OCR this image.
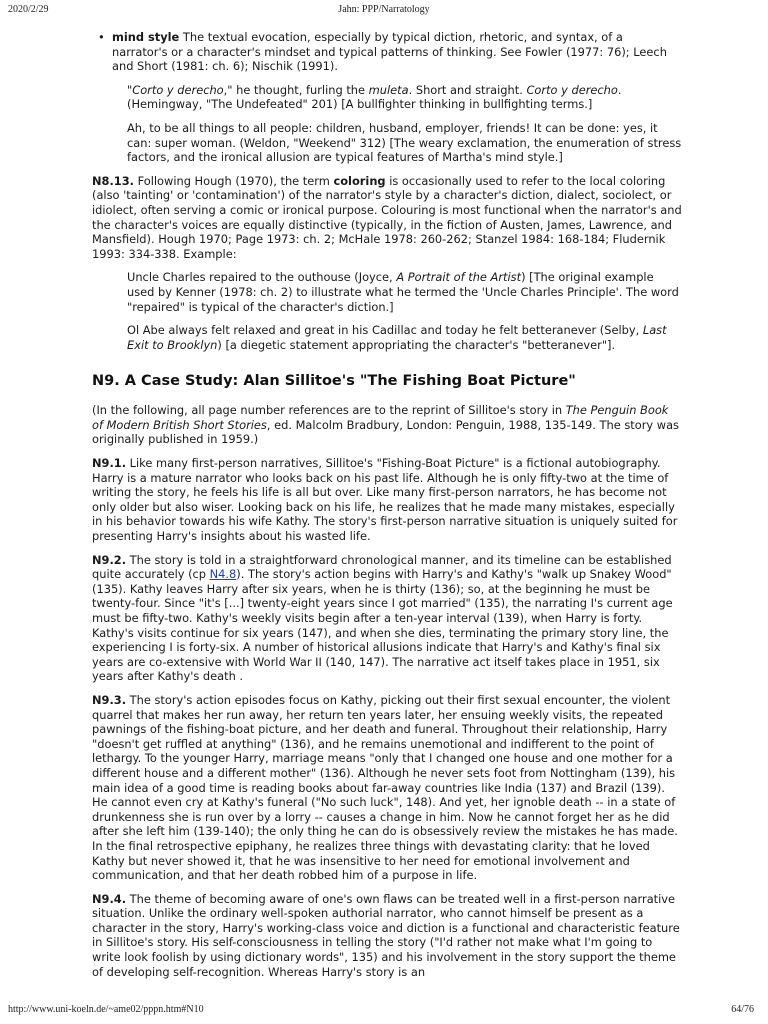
2020/2/29	Jahn: PPP/Narratology
• mind style The textual evocation, especially by typical diction, rhetoric, and syntax, of a narrator's or a character's mindset and typical patterns of thinking. See Fowler (1977: 76); Leech and Short (1981: ch. 6); Nischik (1991).

"Corto y derecho," he thought, furling the muleta. Short and straight. Corto y derecho. (Hemingway, "The Undefeated" 201) [A bullfighter thinking in bullfighting terms.]

Ah, to be all things to all people: children, husband, employer, friends! It can be done: yes, it can: super woman. (Weldon, "Weekend" 312) [The weary exclamation, the enumeration of stress factors, and the ironical allusion are typical features of Martha's mind style.]

N8.13. Following Hough (1970), the term coloring is occasionally used to refer to the local coloring (also 'tainting' or 'contamination') of the narrator's style by a character's diction, dialect, sociolect, or idiolect, often serving a comic or ironical purpose. Colouring is most functional when the narrator's and the character's voices are equally distinctive (typically, in the fiction of Austen, James, Lawrence, and Mansfield). Hough 1970; Page 1973: ch. 2; McHale 1978: 260-262; Stanzel 1984: 168-184; Fludernik 1993: 334-338. Example:

Uncle Charles repaired to the outhouse (Joyce, A Portrait of the Artist) [The original example used by Kenner (1978: ch. 2) to illustrate what he termed the 'Uncle Charles Principle'. The word "repaired" is typical of the character's diction.]

Ol Abe always felt relaxed and great in his Cadillac and today he felt betteranever (Selby, Last Exit to Brooklyn) [a diegetic statement appropriating the character's "betteranever"].

N9. A Case Study: Alan Sillitoe's "The Fishing Boat Picture"

(In the following, all page number references are to the reprint of Sillitoe's story in The Penguin Book of Modern British Short Stories, ed. Malcolm Bradbury, London: Penguin, 1988, 135-149. The story was originally published in 1959.)

N9.1. Like many first-person narratives, Sillitoe's "Fishing-Boat Picture" is a fictional autobiography. Harry is a mature narrator who looks back on his past life. Although he is only fifty-two at the time of writing the story, he feels his life is all but over. Like many first-person narrators, he has become not only older but also wiser. Looking back on his life, he realizes that he made many mistakes, especially in his behavior towards his wife Kathy. The story's first-person narrative situation is uniquely suited for presenting Harry's insights about his wasted life.

N9.2. The story is told in a straightforward chronological manner, and its timeline can be established quite accurately (cp N4.8). The story's action begins with Harry's and Kathy's "walk up Snakey Wood" (135). Kathy leaves Harry after six years, when he is thirty (136); so, at the beginning he must be twenty-four. Since "it's [...] twenty-eight years since I got married" (135), the narrating I's current age must be fifty-two. Kathy's weekly visits begin after a ten-year interval (139), when Harry is forty. Kathy's visits continue for six years (147), and when she dies, terminating the primary story line, the experiencing I is forty-six. A number of historical allusions indicate that Harry's and Kathy's final six years are co-extensive with World War II (140, 147). The narrative act itself takes place in 1951, six years after Kathy's death .

N9.3. The story's action episodes focus on Kathy, picking out their first sexual encounter, the violent quarrel that makes her run away, her return ten years later, her ensuing weekly visits, the repeated pawnings of the fishing-boat picture, and her death and funeral. Throughout their relationship, Harry "doesn't get ruffled at anything" (136), and he remains unemotional and indifferent to the point of lethargy. To the younger Harry, marriage means "only that I changed one house and one mother for a different house and a different mother" (136). Although he never sets foot from Nottingham (139), his main idea of a good time is reading books about far-away countries like India (137) and Brazil (139). He cannot even cry at Kathy's funeral ("No such luck", 148). And yet, her ignoble death -- in a state of drunkenness she is run over by a lorry -- causes a change in him. Now he cannot forget her as he did after she left him (139-140); the only thing he can do is obsessively review the mistakes he has made. In the final retrospective epiphany, he realizes three things with devastating clarity: that he loved Kathy but never showed it, that he was insensitive to her need for emotional involvement and communication, and that her death robbed him of a purpose in life.

N9.4. The theme of becoming aware of one's own flaws can be treated well in a first-person narrative situation. Unlike the ordinary well-spoken authorial narrator, who cannot himself be present as a character in the story, Harry's working-class voice and diction is a functional and characteristic feature in Sillitoe's story. His self-consciousness in telling the story ("I'd rather not make what I'm going to write look foolish by using dictionary words", 135) and his involvement in the story support the theme of developing self-recognition. Whereas Harry's story is an

http://www.uni-koeln.de/~ame02/pppn.htm#N10	64/76
